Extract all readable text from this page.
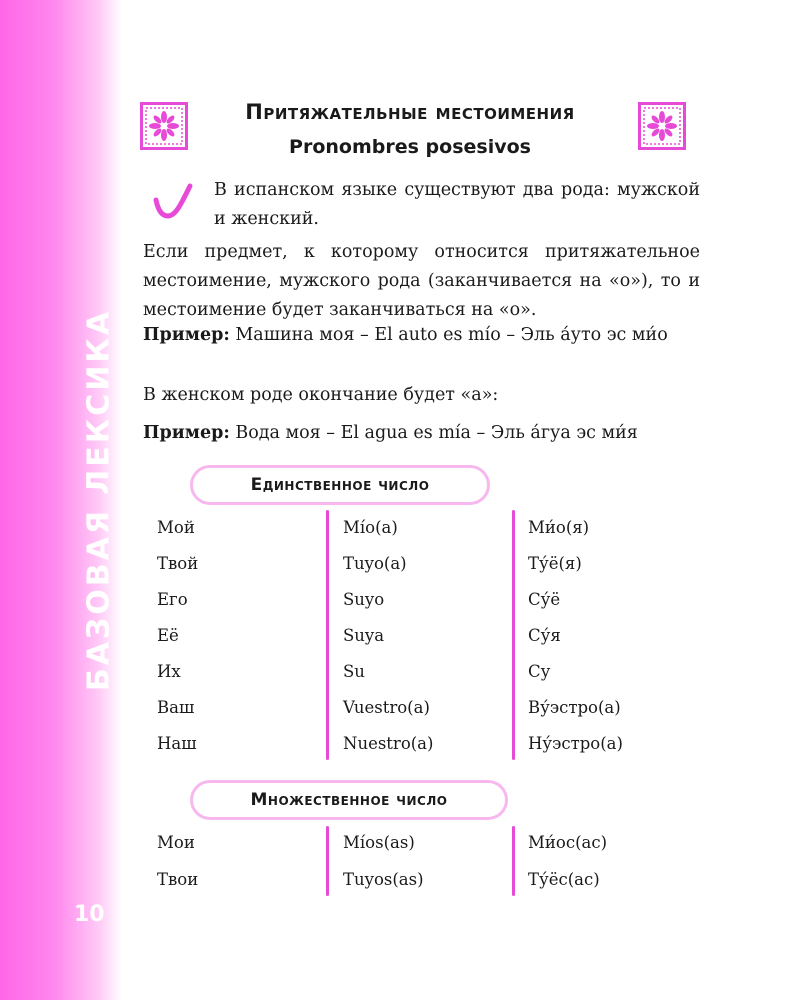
БАЗОВАЯ ЛЕКСИКА
10
Притяжательные местоимения
Pronombres posesivos
В испанском языке существуют два рода: мужской и женский.
Если предмет, к которому относится притяжательное местоимение, мужского рода (заканчивается на «о»), то и местоимение будет заканчиваться на «о».
Пример: Машина моя – El auto es mío – Эль а́уто эс ми́о
В женском роде окончание будет «а»:
Пример: Вода моя – El agua es mía – Эль а́гуа эс ми́я
Единственное число
Мой	Mío(a)	Ми́о(я)
Твой	Tuyo(a)	Ту́ё(я)
Его	Suyo	Су́ё
Её	Suya	Су́я
Их	Su	Су
Ваш	Vuestro(a)	Ву́эстро(а)
Наш	Nuestro(a)	Ну́эстро(а)
Множественное число
Мои	Míos(as)	Ми́ос(ас)
Твои	Tuyos(as)	Ту́ёс(ас)
